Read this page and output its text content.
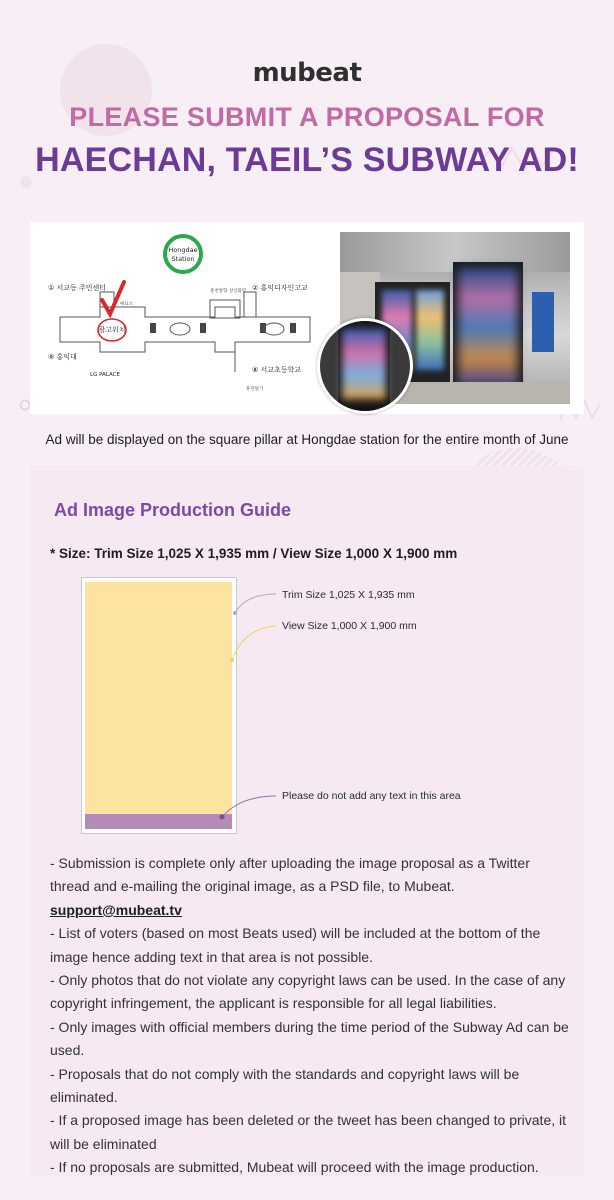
mubeat
PLEASE SUBMIT A PROPOSAL FOR
HAECHAN, TAEIL’S SUBWAY AD!
Hongdae
Station
광고위치
① 서교동 주민센터	② 홍익디자인고교
⑨ 홍익대
⑧ 서교초등학교
LG PALACE
매표소
휴면탈가
춘천방향 상상화랑
Ad will be displayed on the square pillar at Hongdae station for the entire month of June
Ad Image Production Guide
* Size: Trim Size 1,025 X 1,935 mm / View Size 1,000 X 1,900 mm
Trim Size 1,025 X 1,935 mm
View Size 1,000 X 1,900 mm
Please do not add any text in this area

- Submission is complete only after uploading the image proposal as a Twitter thread and e-mailing the original image, as a PSD file, to Mubeat. support@mubeat.tv

- List of voters (based on most Beats used) will be included at the bottom of the image hence adding text in that area is not possible.

- Only photos that do not violate any copyright laws can be used. In the case of any copyright infringement, the applicant is responsible for all legal liabilities.

- Only images with official members during the time period of the Subway Ad can be used.

- Proposals that do not comply with the standards and copyright laws will be eliminated.

- If a proposed image has been deleted or the tweet has been changed to private, it will be eliminated

- If no proposals are submitted, Mubeat will proceed with the image production.
